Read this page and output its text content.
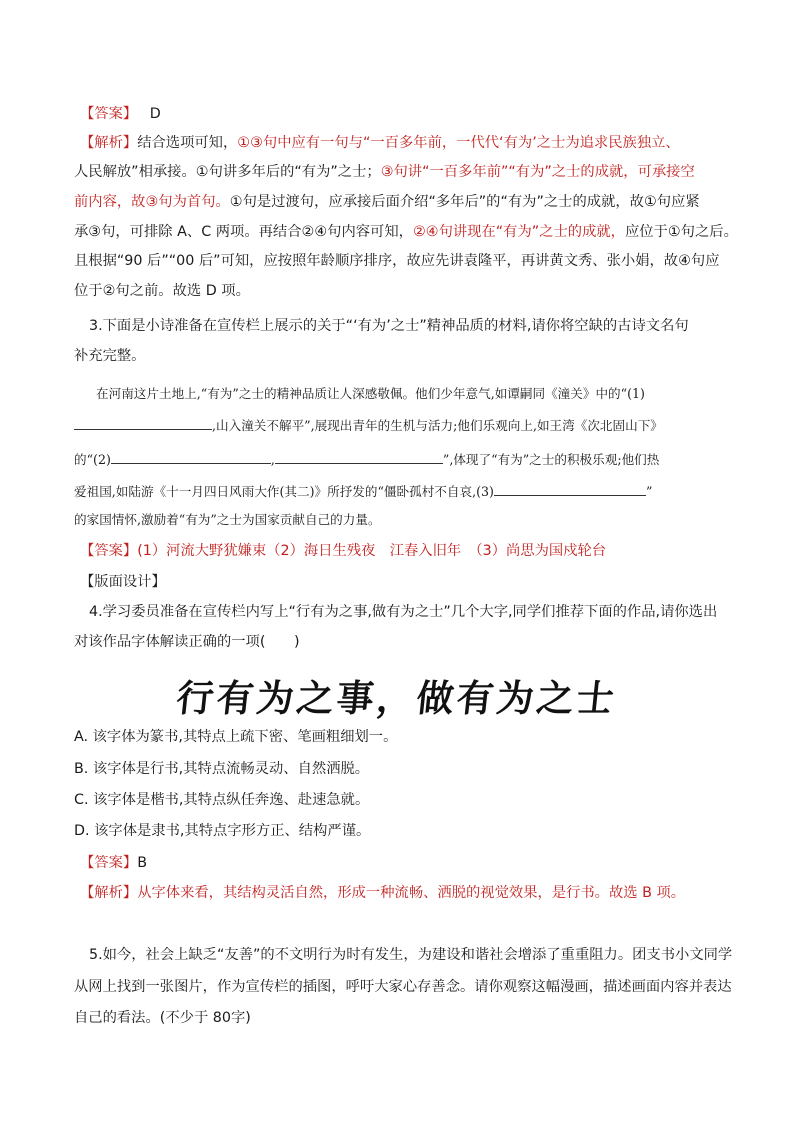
【答案】 D
【解析】结合选项可知，①③句中应有一句与“一百多年前，一代代‘有为’之士为追求民族独立、
人民解放”相承接。①句讲多年后的“有为”之士；③句讲“一百多年前”“有为”之士的成就，可承接空
前内容，故③句为首句。①句是过渡句，应承接后面介绍“多年后”的“有为”之士的成就，故①句应紧
承③句，可排除 A、C 两项。再结合②④句内容可知，②④句讲现在“有为”之士的成就，应位于①句之后。
且根据“90 后”“00 后”可知，应按照年龄顺序排序，故应先讲袁隆平，再讲黄文秀、张小娟，故④句应
位于②句之前。故选 D 项。
3.下面是小诗准备在宣传栏上展示的关于“‘有为’之士”精神品质的材料,请你将空缺的古诗文名句
补充完整。
在河南这片土地上,“有为”之士的精神品质让人深感敬佩。他们少年意气,如谭嗣同《潼关》中的“(1)
,山入潼关不解平”,展现出青年的生机与活力;他们乐观向上,如王湾《次北固山下》
的“(2)	,	”,体现了“有为”之士的积极乐观;他们热
爱祖国,如陆游《十一月四日风雨大作(其二)》所抒发的“僵卧孤村不自哀,(3)	”
的家国情怀,激励着“有为”之士为国家贡献自己的力量。
【答案】(1）河流大野犹嫌束（2）海日生残夜　江春入旧年　（3）尚思为国戍轮台
【版面设计】
4.学习委员准备在宣传栏内写上“行有为之事,做有为之士”几个大字,同学们推荐下面的作品,请你选出
对该作品字体解读正确的一项(　　)
行有为之事，做有为之士
A. 该字体为篆书,其特点上疏下密、笔画粗细划一。
B. 该字体是行书,其特点流畅灵动、自然洒脱。
C. 该字体是楷书,其特点纵任奔逸、赴速急就。
D. 该字体是隶书,其特点字形方正、结构严谨。
【答案】B
【解析】从字体来看，其结构灵活自然，形成一种流畅、洒脱的视觉效果，是行书。故选 B 项。
5.如今，社会上缺乏“友善”的不文明行为时有发生，为建设和谐社会增添了重重阻力。团支书小文同学
从网上找到一张图片，作为宣传栏的插图，呼吁大家心存善念。请你观察这幅漫画，描述画面内容并表达
自己的看法。(不少于 80字)
